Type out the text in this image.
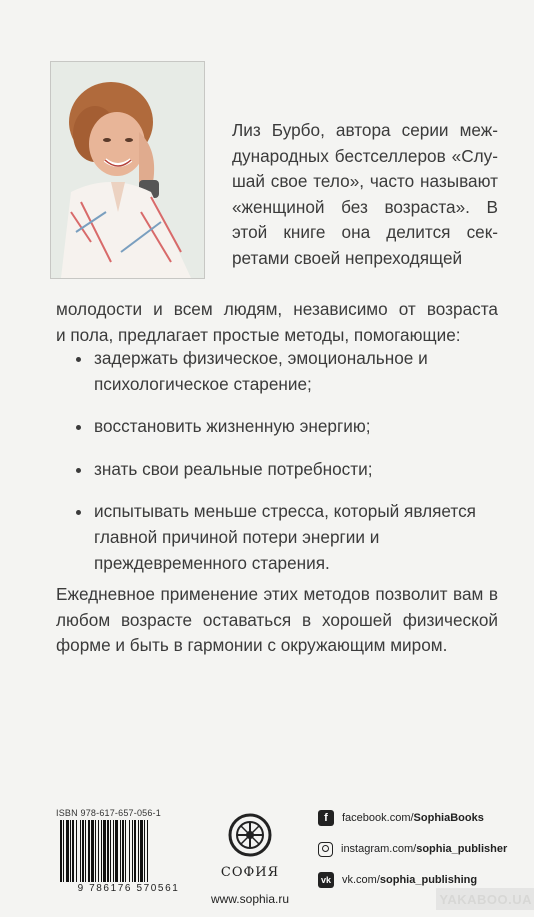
Лиз Бурбо, автора серии международных бестселлеров «Слушай свое тело», часто называют «женщиной без возраста». В этой книге она делится секретами своей непреходящей
молодости и всем людям, независимо от возраста
и пола, предлагает простые методы, помогающие:
задержать физическое, эмоциональное и психологическое старение;
восстановить жизненную энергию;
знать свои реальные потребности;
испытывать меньше стресса, который является главной причиной потери энергии и преждевременного старения.
Ежедневное применение этих методов позволит вам в любом возрасте оставаться в хорошей физической форме и быть в гармонии с окружающим миром.
ISBN 978-617-657-056-1
9 786176 570561
СОФИЯ
www.sophia.ru
f	facebook.com/ SophiaBooks
instagram.com/ sophia_publisher
vk vk.com/ sophia_publishing
YAKABOO.UA
